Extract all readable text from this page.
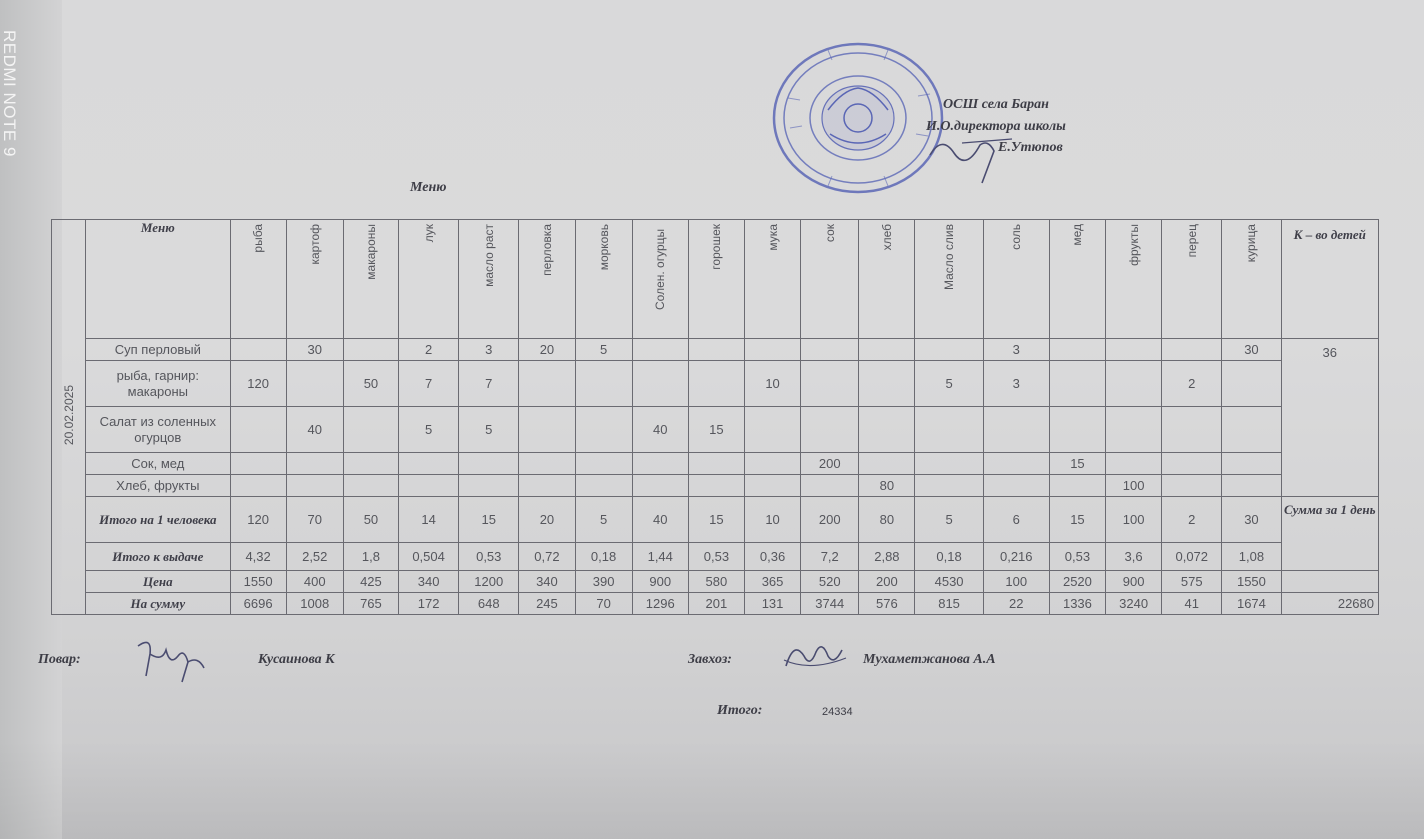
REDMI NOTE 9	ОСШ села Баран
И.О.директора школы
Е.Утюпов
Меню
20.02.2025	Меню	рыба	картоф	макароны	лук	масло раст	перловка	морковь	Солен. огурцы	горошек	мука	сок	хлеб	Масло слив	соль	мед	фрукты	перец	курица	К – во детей
	Суп перловый		30		2	3	20	5							3				30	36
	рыба, гарнир: макароны	120		50	7	7					10			5	3			2		
	Салат из соленных огурцов		40		5	5			40	15										
	Сок, мед											200				15				
	Хлеб, фрукты												80				100			
	Итого на 1 человека	120	70	50	14	15	20	5	40	15	10	200	80	5	6	15	100	2	30	Сумма за 1 день
	Итого к выдаче	4,32	2,52	1,8	0,504	0,53	0,72	0,18	1,44	0,53	0,36	7,2	2,88	0,18	0,216	0,53	3,6	0,072	1,08	
	Цена	1550	400	425	340	1200	340	390	900	580	365	520	200	4530	100	2520	900	575	1550	
	На сумму	6696	1008	765	172	648	245	70	1296	201	131	3744	576	815	22	1336	3240	41	1674	22680
Повар:	Кусаинова К	Завхоз:	Мухаметжанова А.А
Итого:	24334
